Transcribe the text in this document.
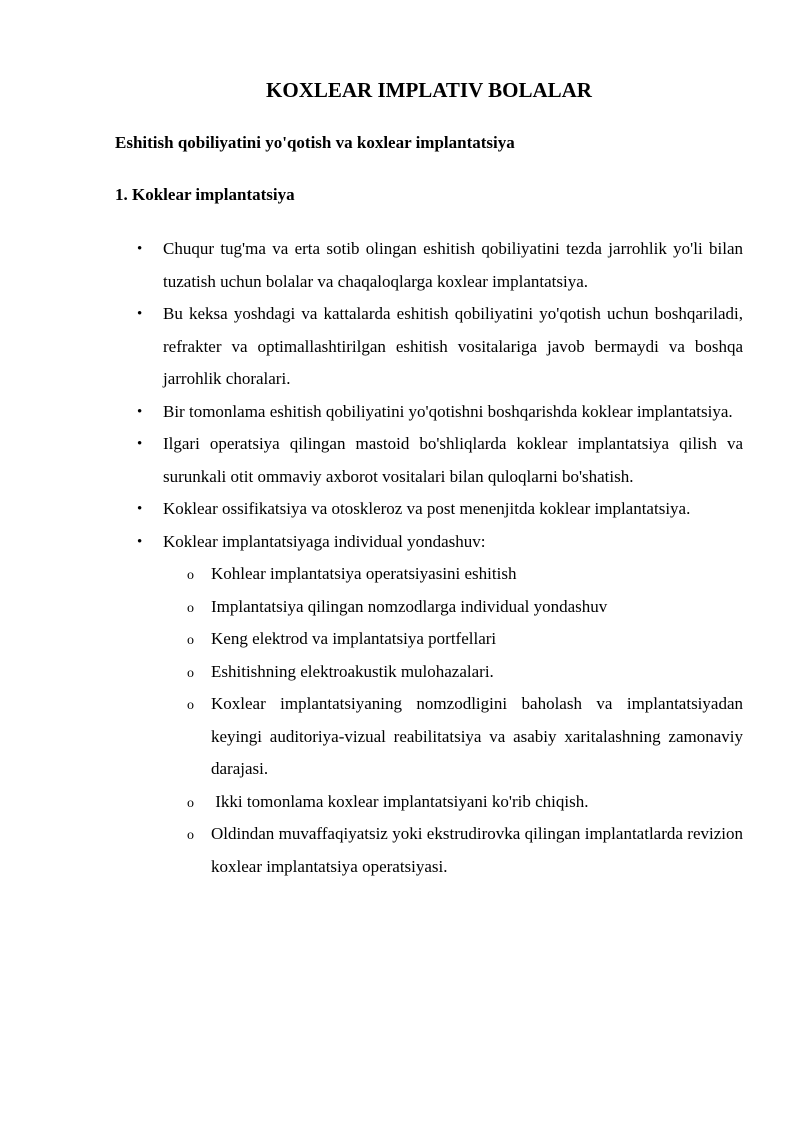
KOXLEAR IMPLATIV BOLALAR
Eshitish qobiliyatini yo'qotish va koxlear implantatsiya
1. Koklear implantatsiya
• Chuqur tug'ma va erta sotib olingan eshitish qobiliyatini tezda jarrohlik yo'li bilan tuzatish uchun bolalar va chaqaloqlarga koxlear implantatsiya.
• Bu keksa yoshdagi va kattalarda eshitish qobiliyatini yo'qotish uchun boshqariladi, refrakter va optimallashtirilgan eshitish vositalariga javob bermaydi va boshqa jarrohlik choralari.
• Bir tomonlama eshitish qobiliyatini yo'qotishni boshqarishda koklear implantatsiya.
• Ilgari operatsiya qilingan mastoid bo'shliqlarda koklear implantatsiya qilish va surunkali otit ommaviy axborot vositalari bilan quloqlarni bo'shatish.
• Koklear ossifikatsiya va otoskleroz va post menenjitda koklear implantatsiya.
• Koklear implantatsiyaga individual yondashuv:
o Kohlear implantatsiya operatsiyasini eshitish
o Implantatsiya qilingan nomzodlarga individual yondashuv
o Keng elektrod va implantatsiya portfellari
o Eshitishning elektroakustik mulohazalari.
o Koxlear implantatsiyaning nomzodligini baholash va implantatsiyadan keyingi auditoriya-vizual reabilitatsiya va asabiy xaritalashning zamonaviy darajasi.
o Ikki tomonlama koxlear implantatsiyani ko'rib chiqish.
o Oldindan muvaffaqiyatsiz yoki ekstrudirovka qilingan implantatlarda revizion koxlear implantatsiya operatsiyasi.
